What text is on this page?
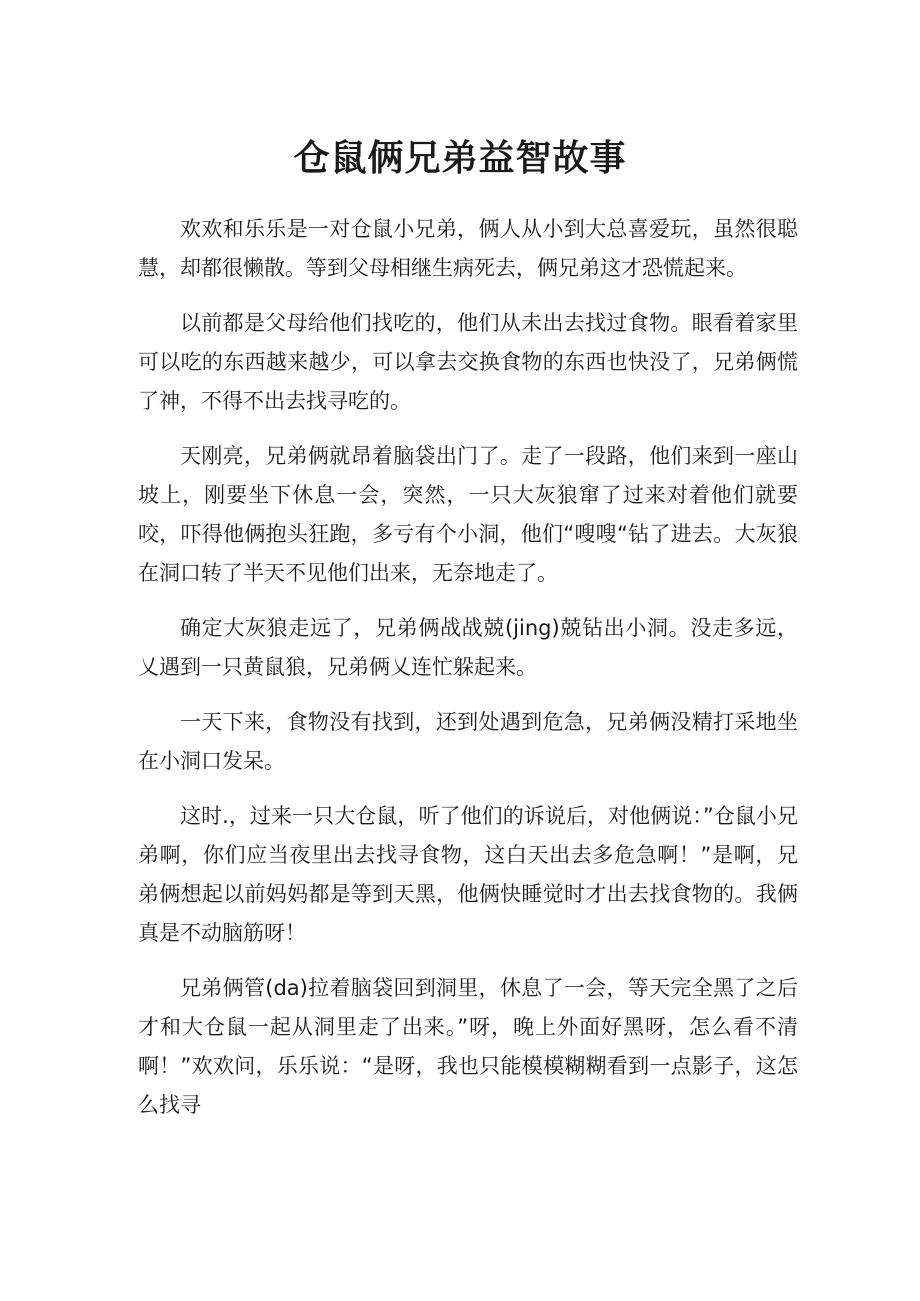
仓鼠俩兄弟益智故事

欢欢和乐乐是一对仓鼠小兄弟，俩人从小到大总喜爱玩，虽然很聪慧，却都很懒散。等到父母相继生病死去，俩兄弟这才恐慌起来。

以前都是父母给他们找吃的，他们从未出去找过食物。眼看着家里可以吃的东西越来越少，可以拿去交换食物的东西也快没了，兄弟俩慌了神，不得不出去找寻吃的。

天刚亮，兄弟俩就昂着脑袋出门了。走了一段路，他们来到一座山坡上，刚要坐下休息一会，突然，一只大灰狼窜了过来对着他们就要咬，吓得他俩抱头狂跑，多亏有个小洞，他们“嗖嗖“钻了进去。大灰狼在洞口转了半天不见他们出来，无奈地走了。

确定大灰狼走远了，兄弟俩战战兢(jing)兢钻出小洞。没走多远，乂遇到一只黄鼠狼，兄弟俩乂连忙躲起来。

一天下来，食物没有找到，还到处遇到危急，兄弟俩没精打采地坐在小洞口发呆。

这时.，过来一只大仓鼠，听了他们的诉说后，对他俩说：”仓鼠小兄弟啊，你们应当夜里出去找寻食物，这白天出去多危急啊！”是啊，兄弟俩想起以前妈妈都是等到天黑，他俩快睡觉时才出去找食物的。我俩真是不动脑筋呀！

兄弟俩管(da)拉着脑袋回到洞里，休息了一会，等天完全黑了之后才和大仓鼠一起从洞里走了出来。”呀，晚上外面好黑呀，怎么看不清啊！”欢欢问，乐乐说：“是呀，我也只能模模糊糊看到一点影子，这怎么找寻
